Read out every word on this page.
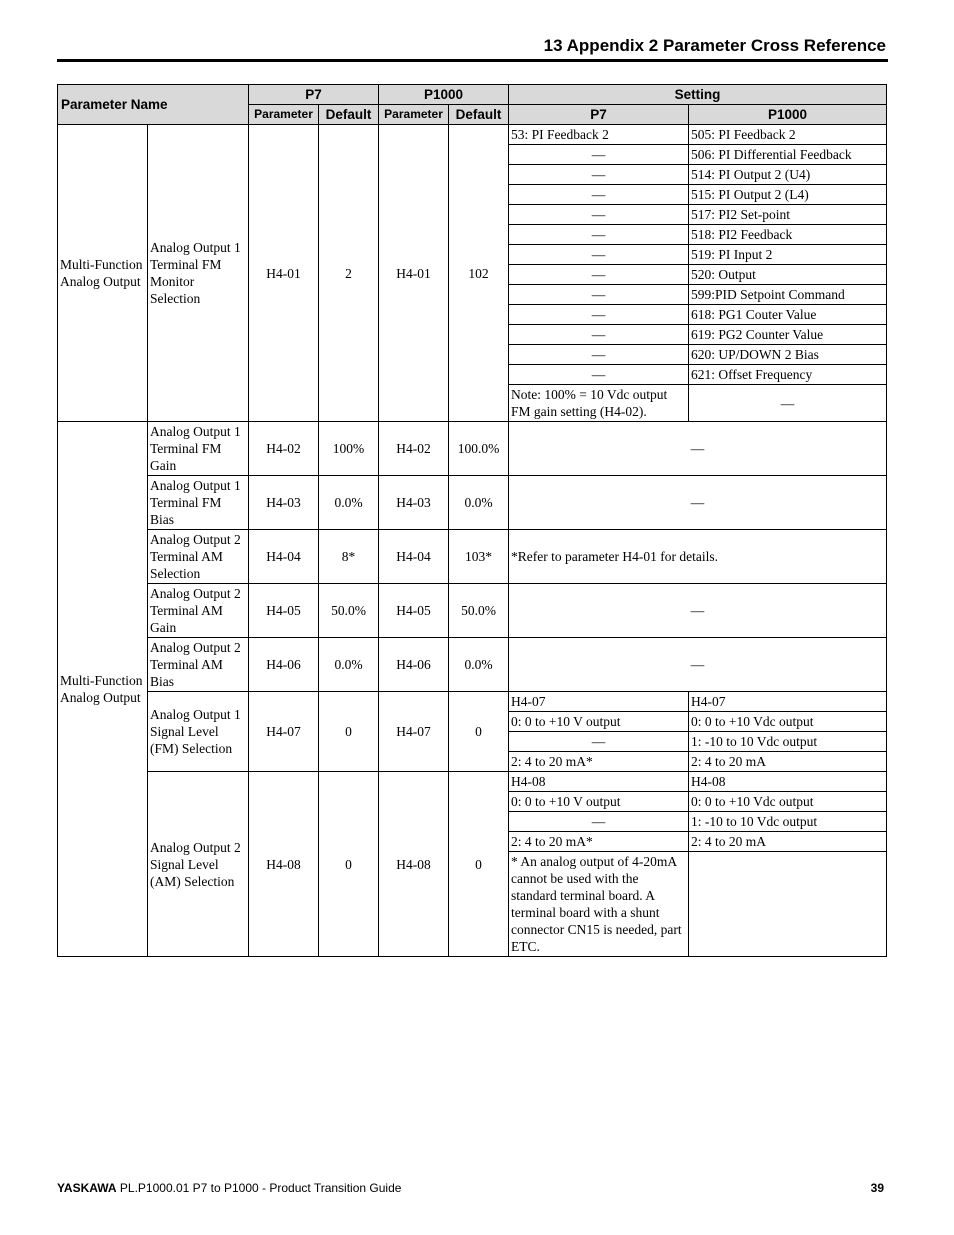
13 Appendix 2 Parameter Cross Reference
Parameter Name		P7		P1000		Setting	
		Parameter	Default	Parameter	Default	P7	P1000
Multi-Function Analog Output	Analog Output 1 Terminal FM Monitor Selection	H4-01	2	H4-01	102	53: PI Feedback 2	505: PI Feedback 2
						—	506: PI Differential Feedback
						—	514: PI Output 2 (U4)
						—	515: PI Output 2 (L4)
						—	517: PI2 Set-point
						—	518: PI2 Feedback
						—	519: PI Input 2
						—	520: Output
						—	599:PID Setpoint Command
						—	618: PG1 Couter Value
						—	619: PG2 Counter Value
						—	620: UP/DOWN 2 Bias
						—	621: Offset Frequency
						Note: 100% = 10 Vdc output FM gain setting (H4-02).	—
Multi-Function Analog Output	Analog Output 1 Terminal FM Gain	H4-02	100%	H4-02	100.0%	—	
	Analog Output 1 Terminal FM Bias	H4-03	0.0%	H4-03	0.0%	—	
	Analog Output 2 Terminal AM Selection	H4-04	8*	H4-04	103*	*Refer to parameter H4-01 for details.	
	Analog Output 2 Terminal AM Gain	H4-05	50.0%	H4-05	50.0%	—	
	Analog Output 2 Terminal AM Bias	H4-06	0.0%	H4-06	0.0%	—	
	Analog Output 1 Signal Level (FM) Selection	H4-07	0	H4-07	0	H4-07	H4-07
						0: 0 to +10 V output	0: 0 to +10 Vdc output
						—	1: -10 to 10 Vdc output
						2: 4 to 20 mA*	2: 4 to 20 mA
	Analog Output 2 Signal Level (AM) Selection	H4-08	0	H4-08	0	H4-08	H4-08
						0: 0 to +10 V output	0: 0 to +10 Vdc output
						—	1: -10 to 10 Vdc output
						2: 4 to 20 mA*	2: 4 to 20 mA
						* An analog output of 4-20mA cannot be used with the standard terminal board. A terminal board with a shunt connector CN15 is needed, part ETC.	
YASKAWA PL.P1000.01 P7 to P1000 - Product Transition Guide	39
